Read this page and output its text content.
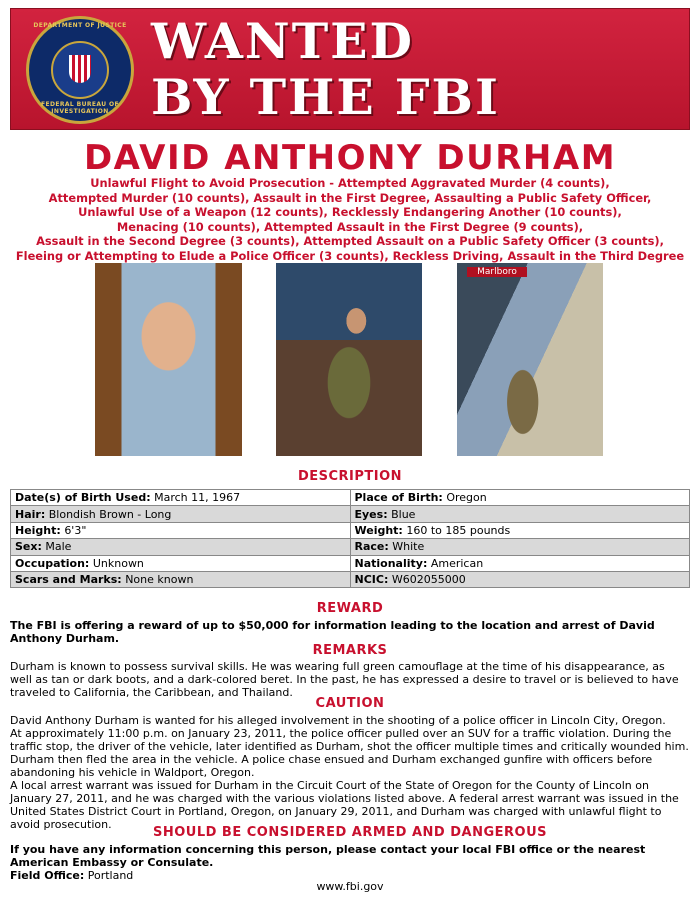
DEPARTMENT OF JUSTICE
FEDERAL BUREAU OF INVESTIGATION
WANTED
BY THE FBI
DAVID ANTHONY DURHAM
Unlawful Flight to Avoid Prosecution - Attempted Aggravated Murder (4 counts),
Attempted Murder (10 counts), Assault in the First Degree, Assaulting a Public Safety Officer,
Unlawful Use of a Weapon (12 counts), Recklessly Endangering Another (10 counts),
Menacing (10 counts), Attempted Assault in the First Degree (9 counts),
Assault in the Second Degree (3 counts), Attempted Assault on a Public Safety Officer (3 counts),
Fleeing or Attempting to Elude a Police Officer (3 counts), Reckless Driving, Assault in the Third Degree
Marlboro
DESCRIPTION
Date(s) of Birth Used: March 11, 1967	Place of Birth: Oregon
Hair: Blondish Brown - Long	Eyes: Blue
Height: 6'3"	Weight: 160 to 185 pounds
Sex: Male	Race: White
Occupation: Unknown	Nationality: American
Scars and Marks: None known	NCIC: W602055000
REWARD
The FBI is offering a reward of up to $50,000 for information leading to the location and arrest of David Anthony Durham.
REMARKS
Durham is known to possess survival skills. He was wearing full green camouflage at the time of his disappearance, as well as tan or dark boots, and a dark-colored beret. In the past, he has expressed a desire to travel or is believed to have traveled to California, the Caribbean, and Thailand.
CAUTION
David Anthony Durham is wanted for his alleged involvement in the shooting of a police officer in Lincoln City, Oregon.
At approximately 11:00 p.m. on January 23, 2011, the police officer pulled over an SUV for a traffic violation. During the traffic stop, the driver of the vehicle, later identified as Durham, shot the officer multiple times and critically wounded him. Durham then fled the area in the vehicle. A police chase ensued and Durham exchanged gunfire with officers before abandoning his vehicle in Waldport, Oregon.
A local arrest warrant was issued for Durham in the Circuit Court of the State of Oregon for the County of Lincoln on January 27, 2011, and he was charged with the various violations listed above. A federal arrest warrant was issued in the United States District Court in Portland, Oregon, on January 29, 2011, and Durham was charged with unlawful flight to avoid prosecution.
SHOULD BE CONSIDERED ARMED AND DANGEROUS
If you have any information concerning this person, please contact your local FBI office or the nearest American Embassy or Consulate.
Field Office: Portland
www.fbi.gov
